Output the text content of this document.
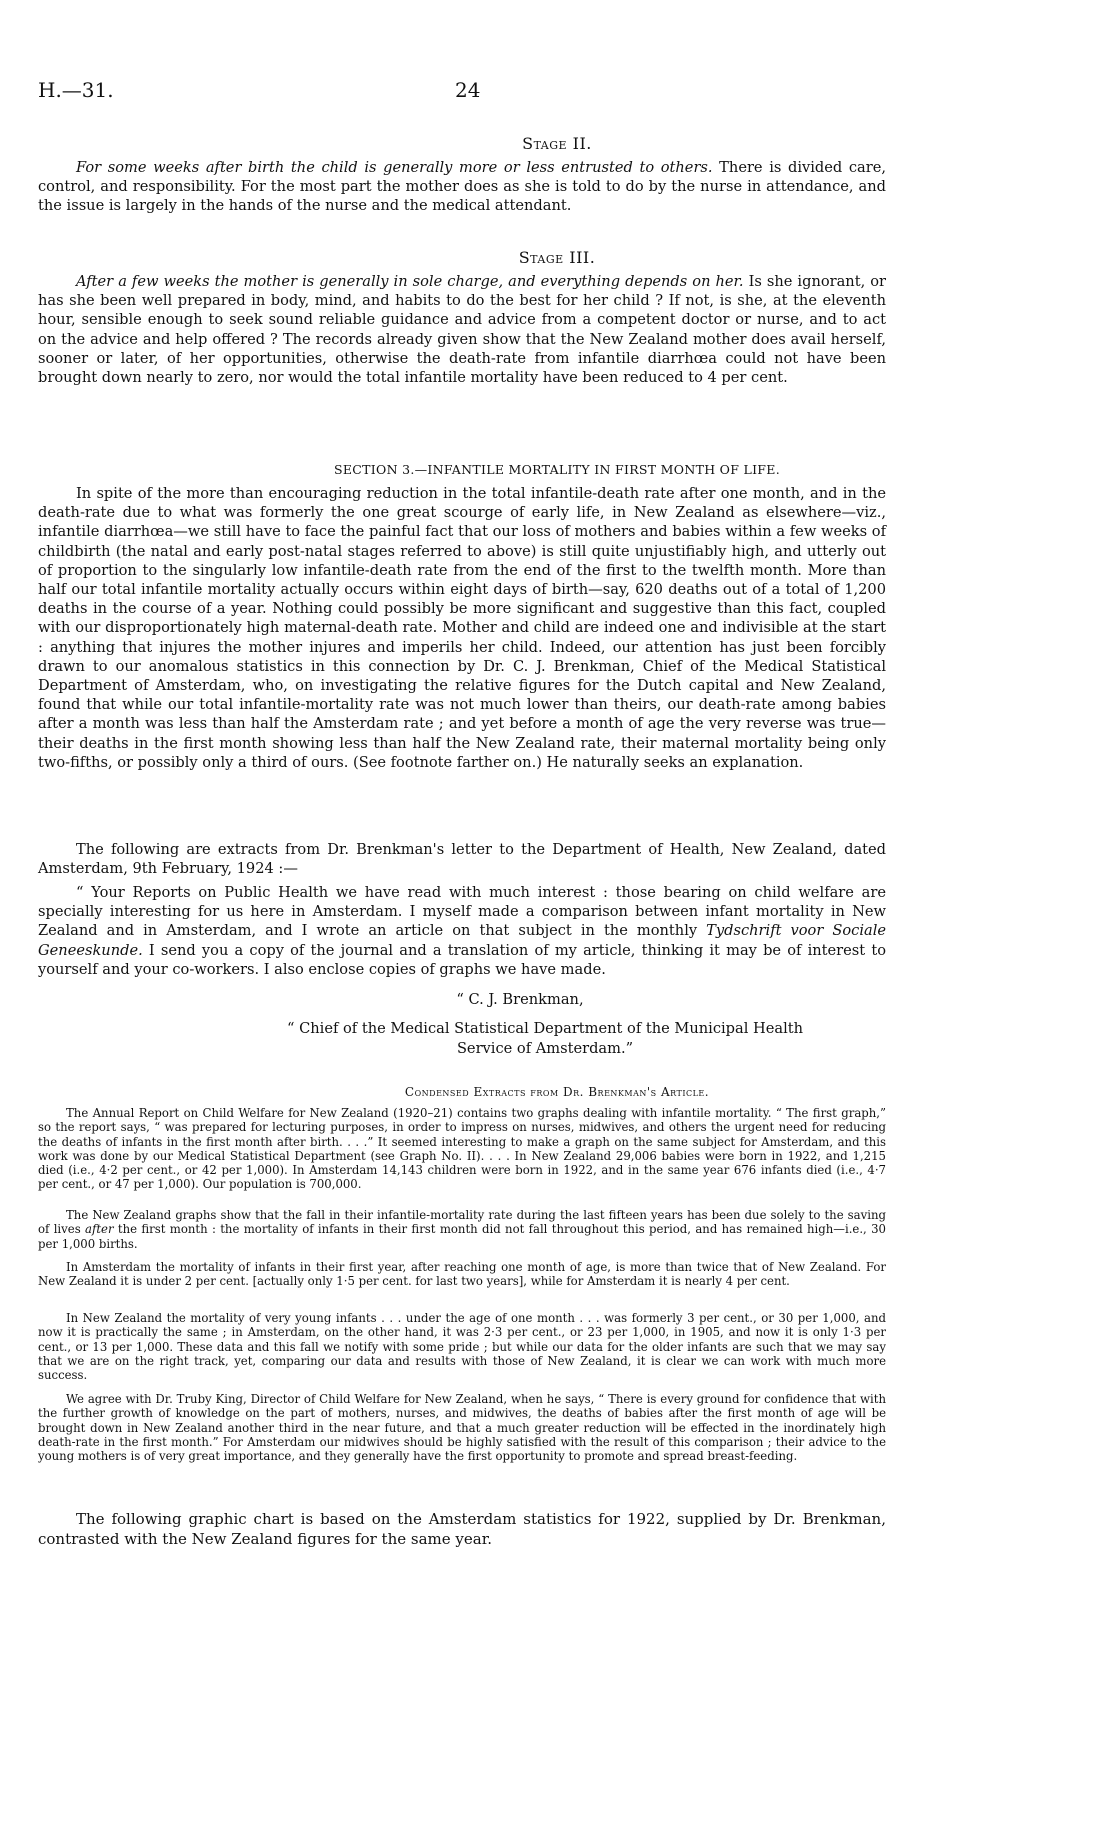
H.—31.	24
Stage II.

For some weeks after birth the child is generally more or less entrusted to others. There is divided care, control, and responsibility. For the most part the mother does as she is told to do by the nurse in attendance, and the issue is largely in the hands of the nurse and the medical attendant.

Stage III.

After a few weeks the mother is generally in sole charge, and everything depends on her. Is she ignorant, or has she been well prepared in body, mind, and habits to do the best for her child ? If not, is she, at the eleventh hour, sensible enough to seek sound reliable guidance and advice from a competent doctor or nurse, and to act on the advice and help offered ? The records already given show that the New Zealand mother does avail herself, sooner or later, of her opportunities, otherwise the death-rate from infantile diarrhœa could not have been brought down nearly to zero, nor would the total infantile mortality have been reduced to 4 per cent.

SECTION 3.—INFANTILE MORTALITY IN FIRST MONTH OF LIFE.

In spite of the more than encouraging reduction in the total infantile-death rate after one month, and in the death-rate due to what was formerly the one great scourge of early life, in New Zealand as elsewhere—viz., infantile diarrhœa—we still have to face the painful fact that our loss of mothers and babies within a few weeks of childbirth (the natal and early post-natal stages referred to above) is still quite unjustifiably high, and utterly out of proportion to the singularly low infantile-death rate from the end of the first to the twelfth month. More than half our total infantile mortality actually occurs within eight days of birth—say, 620 deaths out of a total of 1,200 deaths in the course of a year. Nothing could possibly be more significant and suggestive than this fact, coupled with our disproportionately high maternal-death rate. Mother and child are indeed one and indivisible at the start : anything that injures the mother injures and imperils her child. Indeed, our attention has just been forcibly drawn to our anomalous statistics in this connection by Dr. C. J. Brenkman, Chief of the Medical Statistical Department of Amsterdam, who, on investigating the relative figures for the Dutch capital and New Zealand, found that while our total infantile-mortality rate was not much lower than theirs, our death-rate among babies after a month was less than half the Amsterdam rate ; and yet before a month of age the very reverse was true—their deaths in the first month showing less than half the New Zealand rate, their maternal mortality being only two-fifths, or possibly only a third of ours. (See footnote farther on.) He naturally seeks an explanation.

The following are extracts from Dr. Brenkman's letter to the Department of Health, New Zealand, dated Amsterdam, 9th February, 1924 :—

“ Your Reports on Public Health we have read with much interest : those bearing on child welfare are specially interesting for us here in Amsterdam. I myself made a comparison between infant mortality in New Zealand and in Amsterdam, and I wrote an article on that subject in the monthly Tydschrift voor Sociale Geneeskunde. I send you a copy of the journal and a translation of my article, thinking it may be of interest to yourself and your co-workers. I also enclose copies of graphs we have made.

“ C. J. Brenkman,
“ Chief of the Medical Statistical Department of the Municipal Health
Service of Amsterdam.”
Condensed Extracts from Dr. Brenkman's Article.

The Annual Report on Child Welfare for New Zealand (1920–21) contains two graphs dealing with infantile mortality. “ The first graph,” so the report says, “ was prepared for lecturing purposes, in order to impress on nurses, midwives, and others the urgent need for reducing the deaths of infants in the first month after birth. . . .” It seemed interesting to make a graph on the same subject for Amsterdam, and this work was done by our Medical Statistical Department (see Graph No. II). . . . In New Zealand 29,006 babies were born in 1922, and 1,215 died (i.e., 4·2 per cent., or 42 per 1,000). In Amsterdam 14,143 children were born in 1922, and in the same year 676 infants died (i.e., 4·7 per cent., or 47 per 1,000). Our population is 700,000.

The New Zealand graphs show that the fall in their infantile-mortality rate during the last fifteen years has been due solely to the saving of lives after the first month : the mortality of infants in their first month did not fall throughout this period, and has remained high—i.e., 30 per 1,000 births.

In Amsterdam the mortality of infants in their first year, after reaching one month of age, is more than twice that of New Zealand. For New Zealand it is under 2 per cent. [actually only 1·5 per cent. for last two years], while for Amsterdam it is nearly 4 per cent.

In New Zealand the mortality of very young infants . . . under the age of one month . . . was formerly 3 per cent., or 30 per 1,000, and now it is practically the same ; in Amsterdam, on the other hand, it was 2·3 per cent., or 23 per 1,000, in 1905, and now it is only 1·3 per cent., or 13 per 1,000. These data and this fall we notify with some pride ; but while our data for the older infants are such that we may say that we are on the right track, yet, comparing our data and results with those of New Zealand, it is clear we can work with much more success.

We agree with Dr. Truby King, Director of Child Welfare for New Zealand, when he says, “ There is every ground for confidence that with the further growth of knowledge on the part of mothers, nurses, and midwives, the deaths of babies after the first month of age will be brought down in New Zealand another third in the near future, and that a much greater reduction will be effected in the inordinately high death-rate in the first month.” For Amsterdam our midwives should be highly satisfied with the result of this comparison ; their advice to the young mothers is of very great importance, and they generally have the first opportunity to promote and spread breast-feeding.

The following graphic chart is based on the Amsterdam statistics for 1922, supplied by Dr. Brenkman, contrasted with the New Zealand figures for the same year.
